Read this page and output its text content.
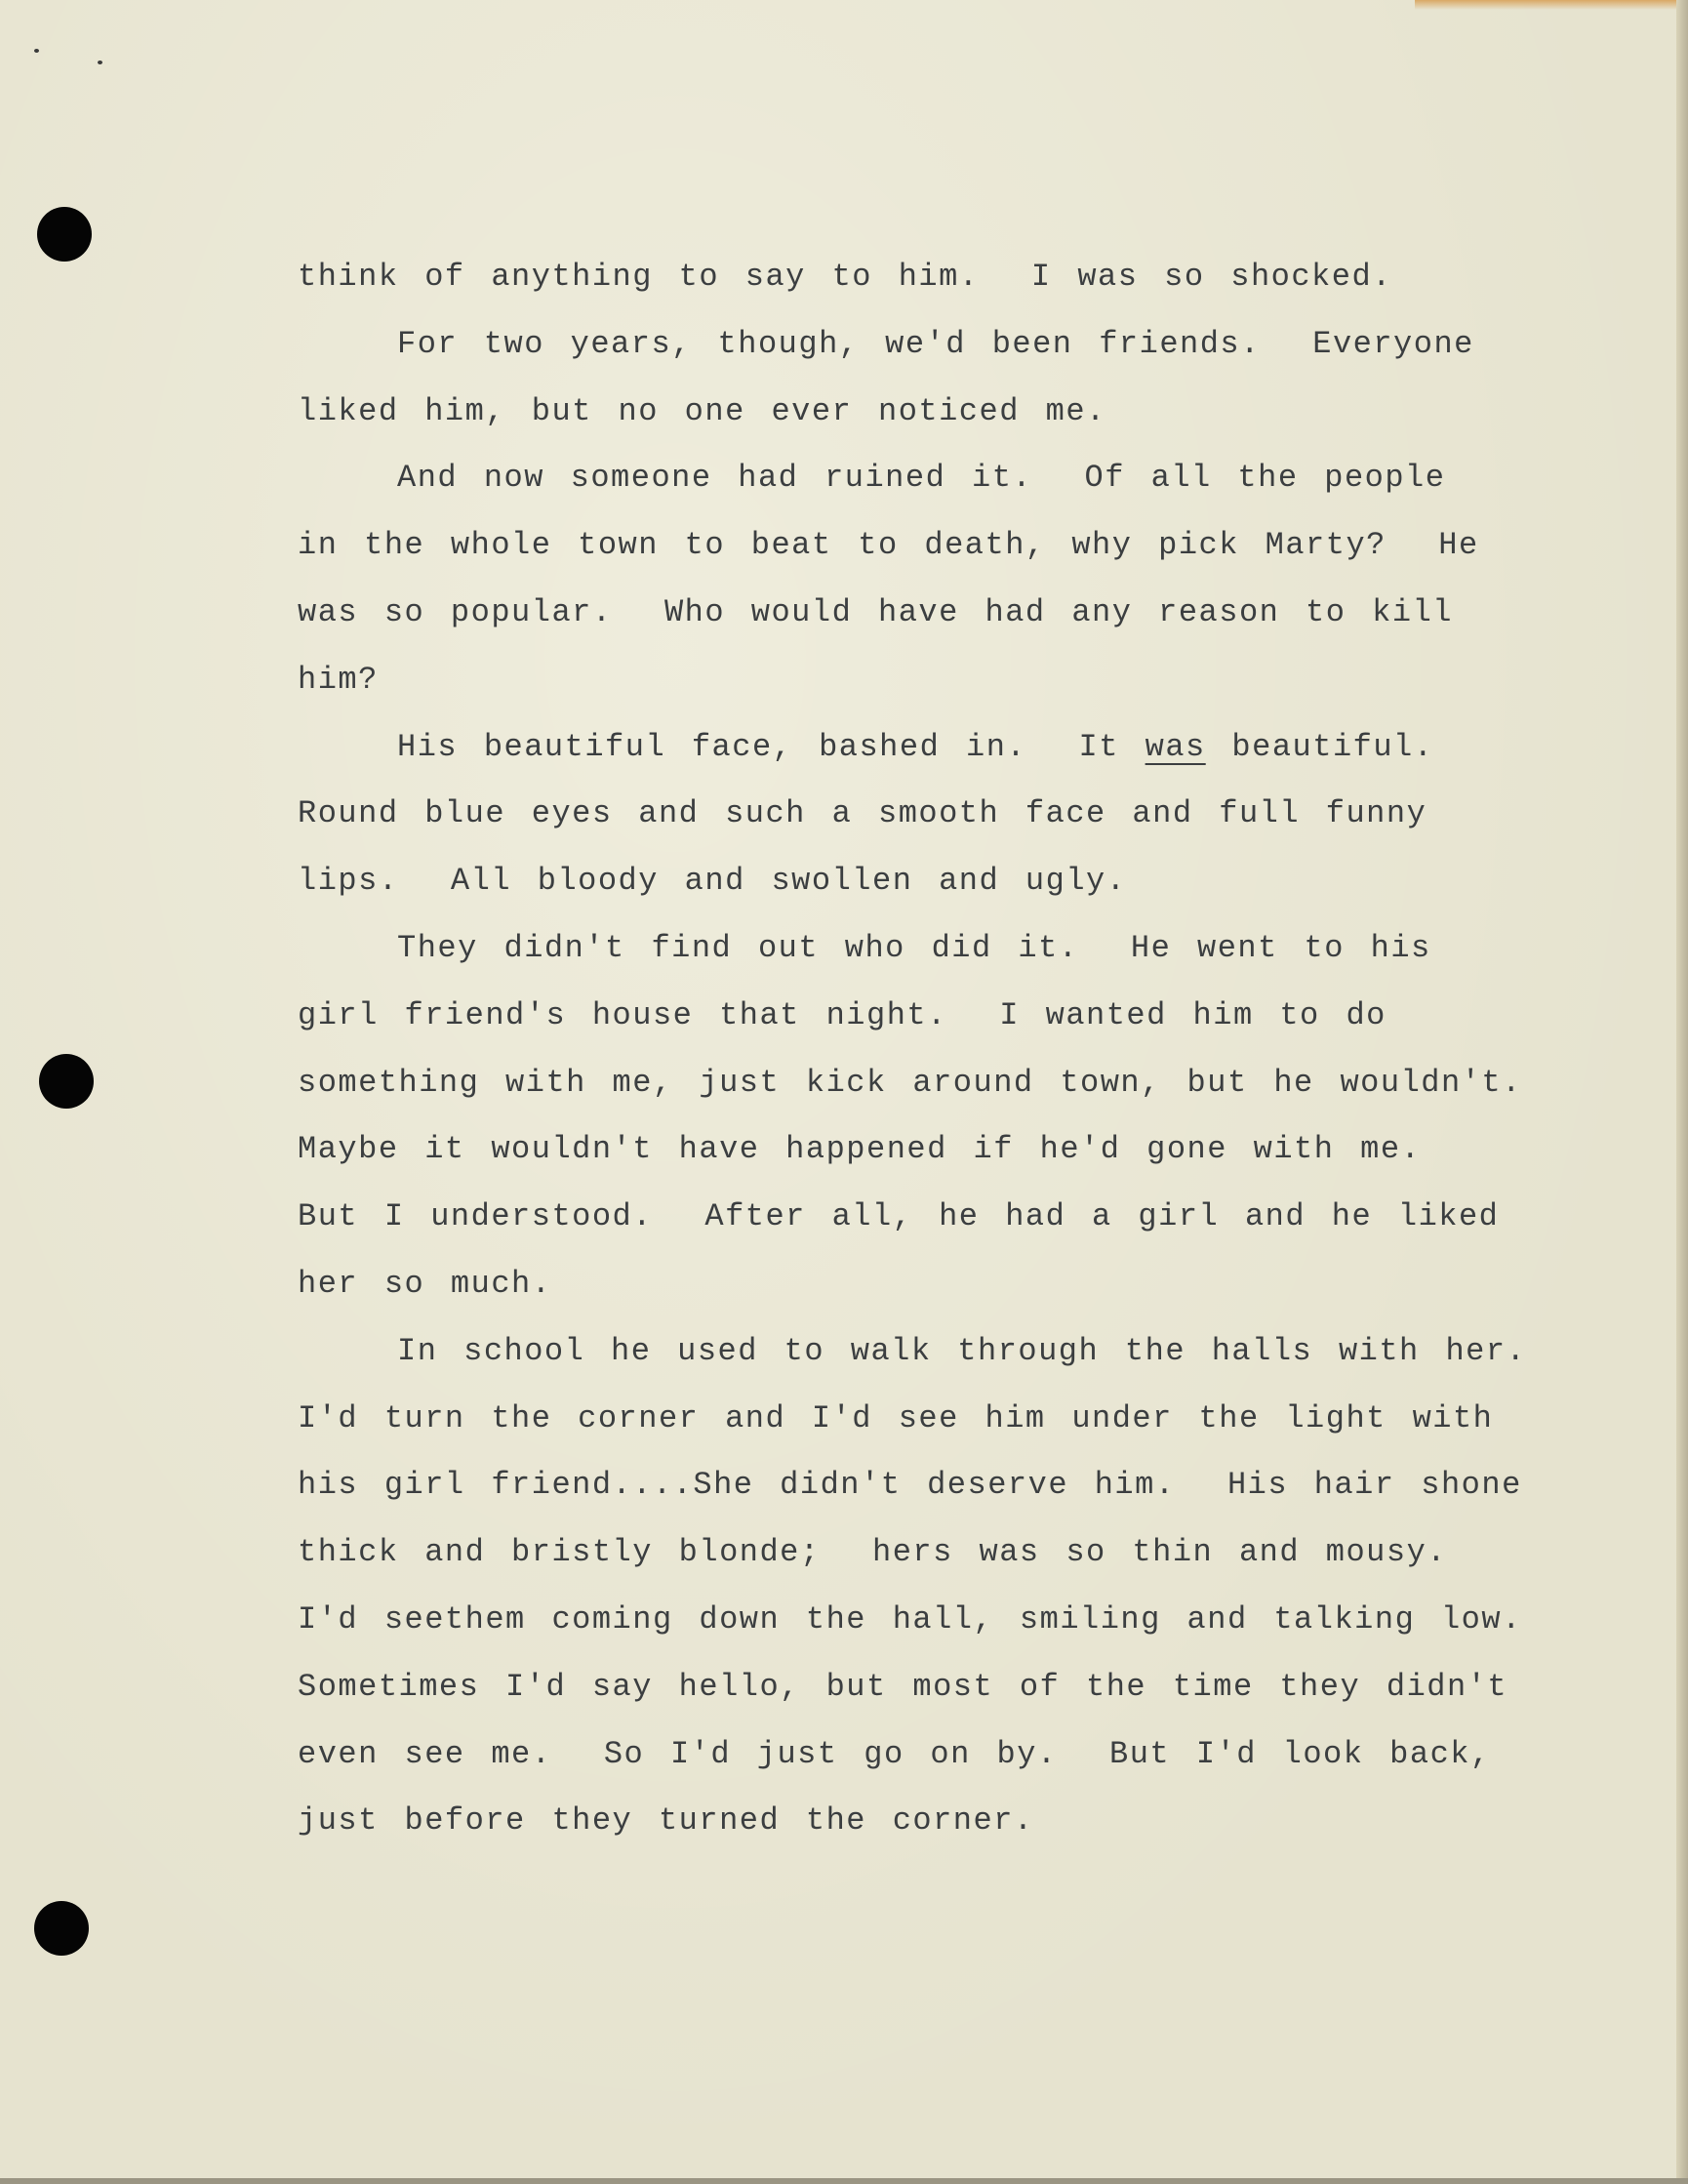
think of anything to say to him.  I was so shocked.
For two years, though, we'd been friends.  Everyone
liked him, but no one ever noticed me.
And now someone had ruined it.  Of all the people
in the whole town to beat to death, why pick Marty?  He
was so popular.  Who would have had any reason to kill
him?
His beautiful face, bashed in.  It was beautiful.
Round blue eyes and such a smooth face and full funny
lips.  All bloody and swollen and ugly.
They didn't find out who did it.  He went to his
girl friend's house that night.  I wanted him to do
something with me, just kick around town, but he wouldn't.
Maybe it wouldn't have happened if he'd gone with me.
But I understood.  After all, he had a girl and he liked
her so much.
In school he used to walk through the halls with her.
I'd turn the corner and I'd see him under the light with
his girl friend....She didn't deserve him.  His hair shone
thick and bristly blonde;  hers was so thin and mousy.
I'd seethem coming down the hall, smiling and talking low.
Sometimes I'd say hello, but most of the time they didn't
even see me.  So I'd just go on by.  But I'd look back,
just before they turned the corner.
